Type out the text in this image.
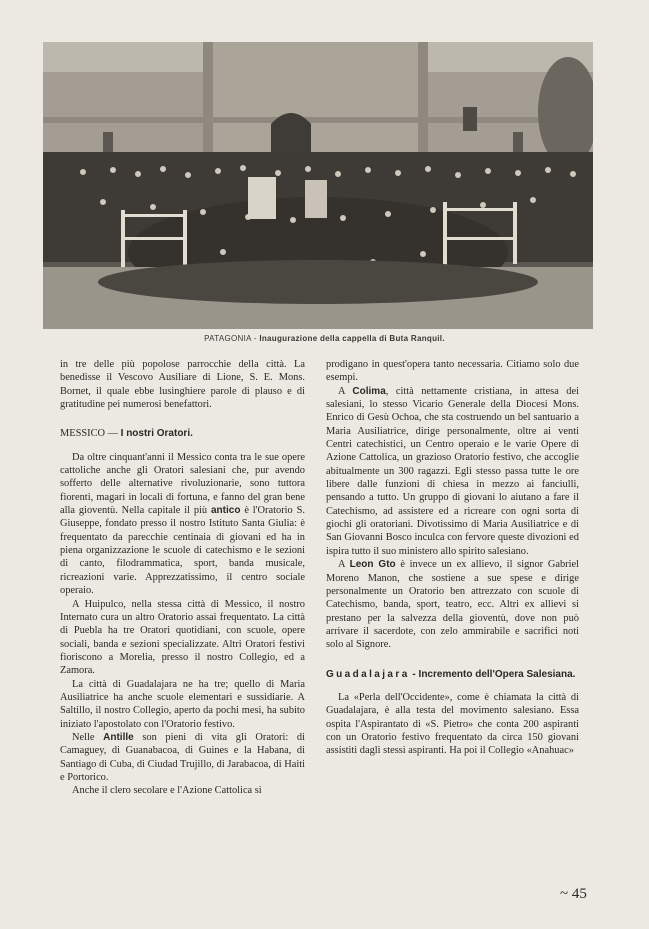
PATAGONIA - Inaugurazione della cappella di Buta Ranquil.

in tre delle più popolose parrocchie della città. La benedisse il Vescovo Ausiliare di Lione, S. E. Mons. Bornet, il quale ebbe lusinghiere parole di plauso e di gratitudine pei numerosi benefattori.

MESSICO — I nostri Oratori.

Da oltre cinquant'anni il Messico conta tra le sue opere cattoliche anche gli Oratori salesiani che, pur avendo sofferto delle alternative rivoluzionarie, sono tuttora fiorenti, magari in locali di fortuna, e fanno del gran bene alla gioventù. Nella capitale il più antico è l'Oratorio S. Giuseppe, fondato presso il nostro Istituto Santa Giulia: è frequentato da parecchie centinaia di giovani ed ha in piena organizzazione le scuole di catechismo e le sezioni di canto, filodrammatica, sport, banda musicale, ricreazioni varie. Apprezzatissimo, il centro sociale operaio.

A Huipulco, nella stessa città di Messico, il nostro Internato cura un altro Oratorio assai frequentato. La città di Puebla ha tre Oratori quotidiani, con scuole, opere sociali, banda e sezioni specializzate. Altri Oratori festivi fioriscono a Morelia, presso il nostro Collegio, ed a Zamora.

La città di Guadalajara ne ha tre; quello di Maria Ausiliatrice ha anche scuole elementari e sussidiarie. A Saltillo, il nostro Collegio, aperto da pochi mesi, ha subito iniziato l'apostolato con l'Oratorio festivo.

Nelle Antille son pieni di vita gli Oratori: di Camaguey, di Guanabacoa, di Guines e la Habana, di Santiago di Cuba, di Ciudad Trujillo, di Jarabacoa, di Haiti e Portorico.

Anche il clero secolare e l'Azione Cattolica si

prodigano in quest'opera tanto necessaria. Citiamo solo due esempi.

A Colima, città nettamente cristiana, in attesa dei salesiani, lo stesso Vicario Generale della Diocesi Mons. Enrico di Gesù Ochoa, che sta costruendo un bel santuario a Maria Ausiliatrice, dirige personalmente, oltre ai venti Centri catechistici, un Centro operaio e le varie Opere di Azione Cattolica, un grazioso Oratorio festivo, che accoglie abitualmente un 300 ragazzi. Egli stesso passa tutte le ore libere dalle funzioni di chiesa in mezzo ai fanciulli, pensando a tutto. Un gruppo di giovani lo aiutano a fare il Catechismo, ad assistere ed a ricreare con ogni sorta di giochi gli oratoriani. Divotissimo di Maria Ausiliatrice e di San Giovanni Bosco inculca con fervore queste divozioni ed ispira tutto il suo ministero allo spirito salesiano.

A Leon Gto è invece un ex allievo, il signor Gabriel Moreno Manon, che sostiene a sue spese e dirige personalmente un Oratorio ben attrezzato con scuole di Catechismo, banda, sport, teatro, ecc. Altri ex allievi si prestano per la salvezza della gioventù, dove non può arrivare il sacerdote, con zelo ammirabile e sacrifici noti solo al Signore.

Guadalajara - Incremento dell'Opera Salesiana.

La «Perla dell'Occidente», come è chiamata la città di Guadalajara, è alla testa del movimento salesiano. Essa ospita l'Aspirantato di «S. Pietro» che conta 200 aspiranti con un Oratorio festivo frequentato da circa 150 giovani assistiti dagli stessi aspiranti. Ha poi il Collegio «Anahuac»

~ 45
